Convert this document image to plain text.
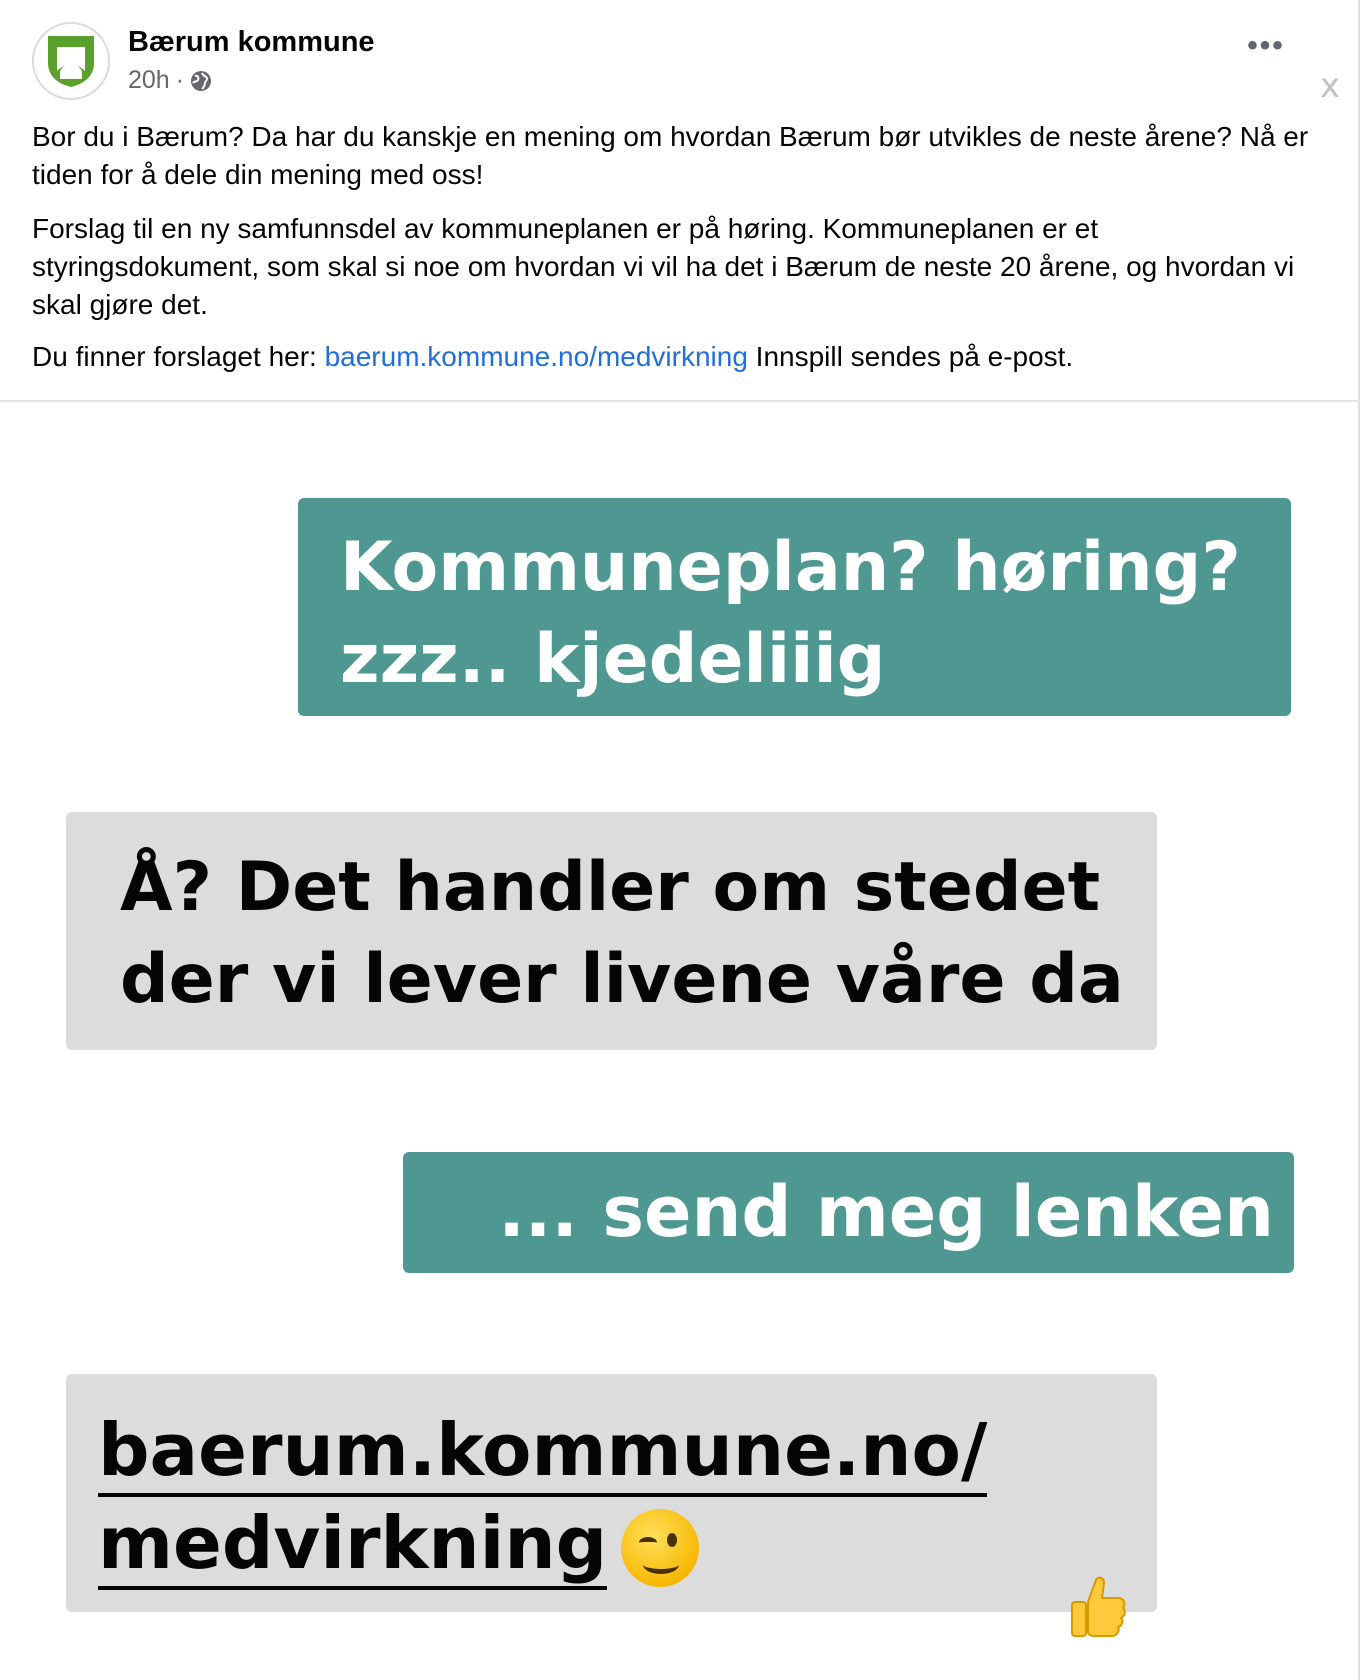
Bærum kommune
20h ·
•••
x
Bor du i Bærum? Da har du kanskje en mening om hvordan Bærum bør utvikles de neste årene? Nå er tiden for å dele din mening med oss!
Forslag til en ny samfunnsdel av kommuneplanen er på høring. Kommuneplanen er et styringsdokument, som skal si noe om hvordan vi vil ha det i Bærum de neste 20 årene, og hvordan vi skal gjøre det.
Du finner forslaget her: baerum.kommune.no/medvirkning Innspill sendes på e-post.
Kommuneplan? høring?
zzz.. kjedeliiig
Å? Det handler om stedet
der vi lever livene våre da
... send meg lenken da
baerum.kommune.no/
medvirkning
